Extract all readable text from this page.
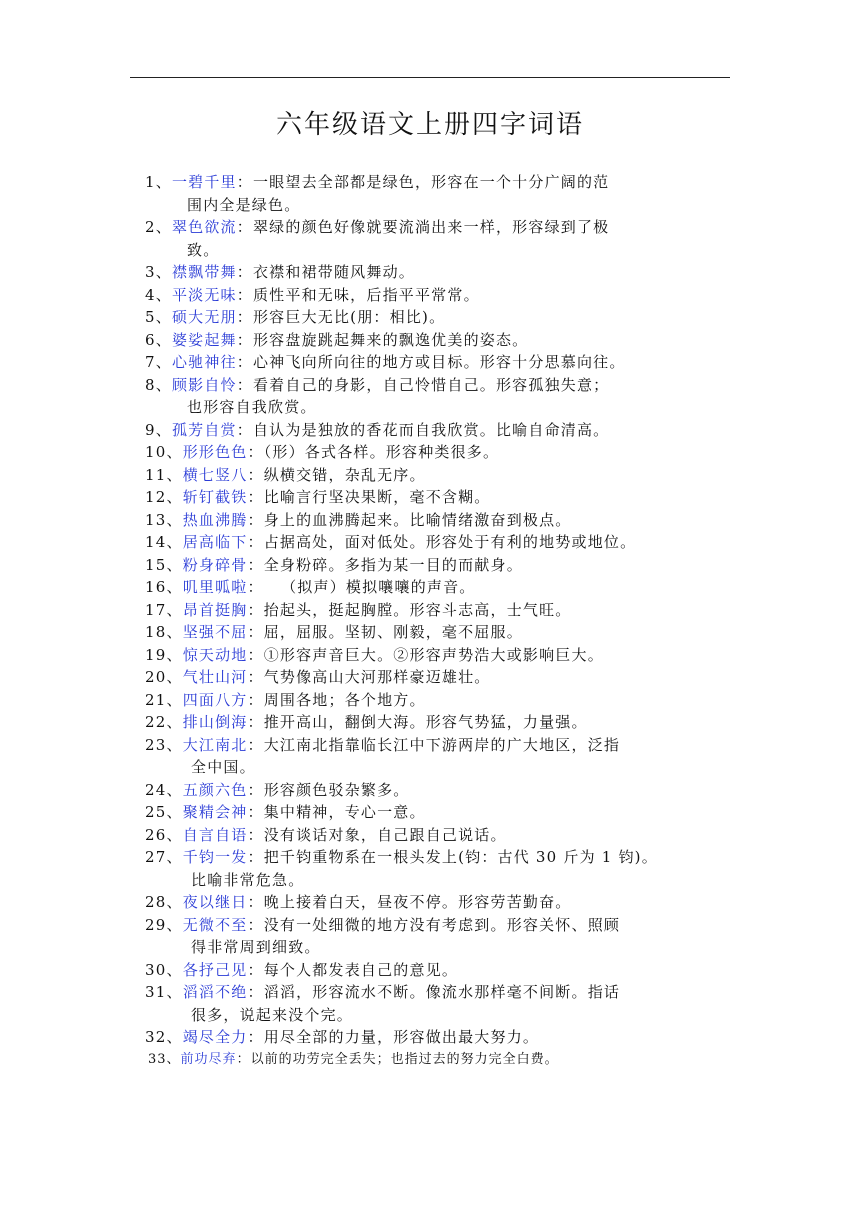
六年级语文上册四字词语
1、一碧千里：一眼望去全部都是绿色，形容在一个十分广阔的范
围内全是绿色。
2、翠色欲流：翠绿的颜色好像就要流淌出来一样，形容绿到了极
致。
3、襟飘带舞：衣襟和裙带随风舞动。
4、平淡无味：质性平和无味，后指平平常常。
5、硕大无朋：形容巨大无比(朋：相比)。
6、婆娑起舞：形容盘旋跳起舞来的飘逸优美的姿态。
7、心驰神往：心神飞向所向往的地方或目标。形容十分思慕向往。
8、顾影自怜：看着自己的身影，自己怜惜自己。形容孤独失意；
也形容自我欣赏。
9、孤芳自赏：自认为是独放的香花而自我欣赏。比喻自命清高。
10、形形色色：（形）各式各样。形容种类很多。
11、横七竖八：纵横交错，杂乱无序。
12、斩钉截铁：比喻言行坚决果断，毫不含糊。
13、热血沸腾：身上的血沸腾起来。比喻情绪激奋到极点。
14、居高临下：占据高处，面对低处。形容处于有利的地势或地位。
15、粉身碎骨：全身粉碎。多指为某一目的而献身。
16、叽里呱啦：　　（拟声）模拟嚷嚷的声音。
17、昂首挺胸：抬起头，挺起胸膛。形容斗志高，士气旺。
18、坚强不屈：屈，屈服。坚韧、刚毅，毫不屈服。
19、惊天动地：①形容声音巨大。②形容声势浩大或影响巨大。
20、气壮山河：气势像高山大河那样豪迈雄壮。
21、四面八方：周围各地；各个地方。
22、排山倒海：推开高山，翻倒大海。形容气势猛，力量强。
23、大江南北：大江南北指靠临长江中下游两岸的广大地区，泛指
全中国。
24、五颜六色：形容颜色驳杂繁多。
25、聚精会神：集中精神，专心一意。
26、自言自语：没有谈话对象，自己跟自己说话。
27、千钧一发：把千钧重物系在一根头发上(钧：古代 30 斤为 1 钧)。
比喻非常危急。
28、夜以继日：晚上接着白天，昼夜不停。形容劳苦勤奋。
29、无微不至：没有一处细微的地方没有考虑到。形容关怀、照顾
得非常周到细致。
30、各抒己见：每个人都发表自己的意见。
31、滔滔不绝：滔滔，形容流水不断。像流水那样毫不间断。指话
很多，说起来没个完。
32、竭尽全力：用尽全部的力量，形容做出最大努力。
33、前功尽弃：以前的功劳完全丢失；也指过去的努力完全白费。
